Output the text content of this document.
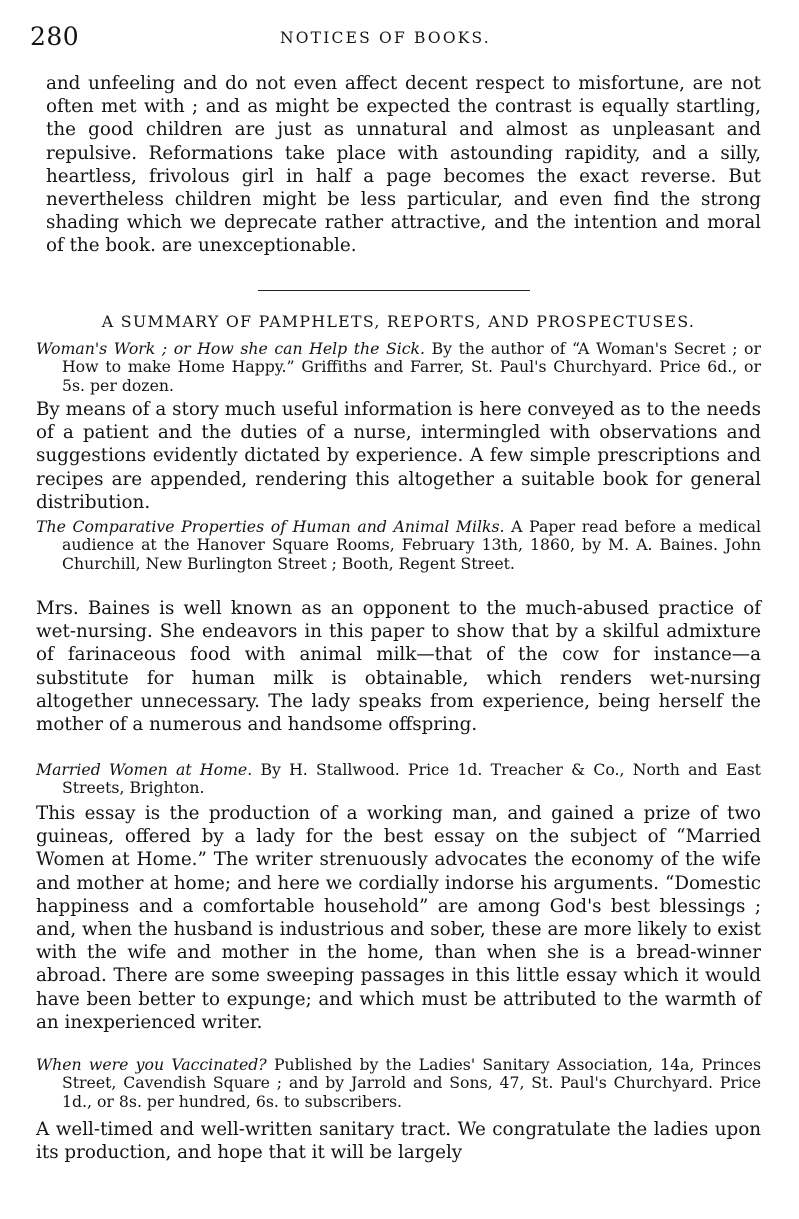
280	NOTICES OF BOOKS.

and unfeeling and do not even affect decent respect to misfortune, are not often met with ; and as might be expected the contrast is equally startling, the good children are just as unnatural and almost as unpleasant and repulsive. Reformations take place with astounding rapidity, and a silly, heartless, frivolous girl in half a page becomes the exact reverse. But nevertheless children might be less particular, and even find the strong shading which we deprecate rather attractive, and the intention and moral of the book. are unexceptionable.

A SUMMARY OF PAMPHLETS, REPORTS, AND PROSPECTUSES.

Woman's Work ; or How she can Help the Sick. By the author of “A Woman's Secret ; or How to make Home Happy.” Griffiths and Farrer, St. Paul's Churchyard. Price 6d., or 5s. per dozen.

By means of a story much useful information is here conveyed as to the needs of a patient and the duties of a nurse, intermingled with observations and suggestions evidently dictated by experience. A few simple prescriptions and recipes are appended, rendering this altogether a suitable book for general distribution.

The Comparative Properties of Human and Animal Milks. A Paper read before a medical audience at the Hanover Square Rooms, February 13th, 1860, by M. A. Baines. John Churchill, New Burlington Street ; Booth, Regent Street.

Mrs. Baines is well known as an opponent to the much-abused practice of wet-nursing. She endeavors in this paper to show that by a skilful admixture of farinaceous food with animal milk—that of the cow for instance—a substitute for human milk is obtainable, which renders wet-nursing altogether unnecessary. The lady speaks from experience, being herself the mother of a numerous and handsome offspring.

Married Women at Home. By H. Stallwood. Price 1d. Treacher & Co., North and East Streets, Brighton.

This essay is the production of a working man, and gained a prize of two guineas, offered by a lady for the best essay on the subject of “Married Women at Home.” The writer strenuously advocates the economy of the wife and mother at home; and here we cordially indorse his arguments. “Domestic happiness and a comfortable household” are among God's best blessings ; and, when the husband is industrious and sober, these are more likely to exist with the wife and mother in the home, than when she is a bread-winner abroad. There are some sweeping passages in this little essay which it would have been better to expunge; and which must be attributed to the warmth of an inexperienced writer.

When were you Vaccinated? Published by the Ladies' Sanitary Association, 14a, Princes Street, Cavendish Square ; and by Jarrold and Sons, 47, St. Paul's Churchyard. Price 1d., or 8s. per hundred, 6s. to subscribers.

A well-timed and well-written sanitary tract. We congratulate the ladies upon its production, and hope that it will be largely
